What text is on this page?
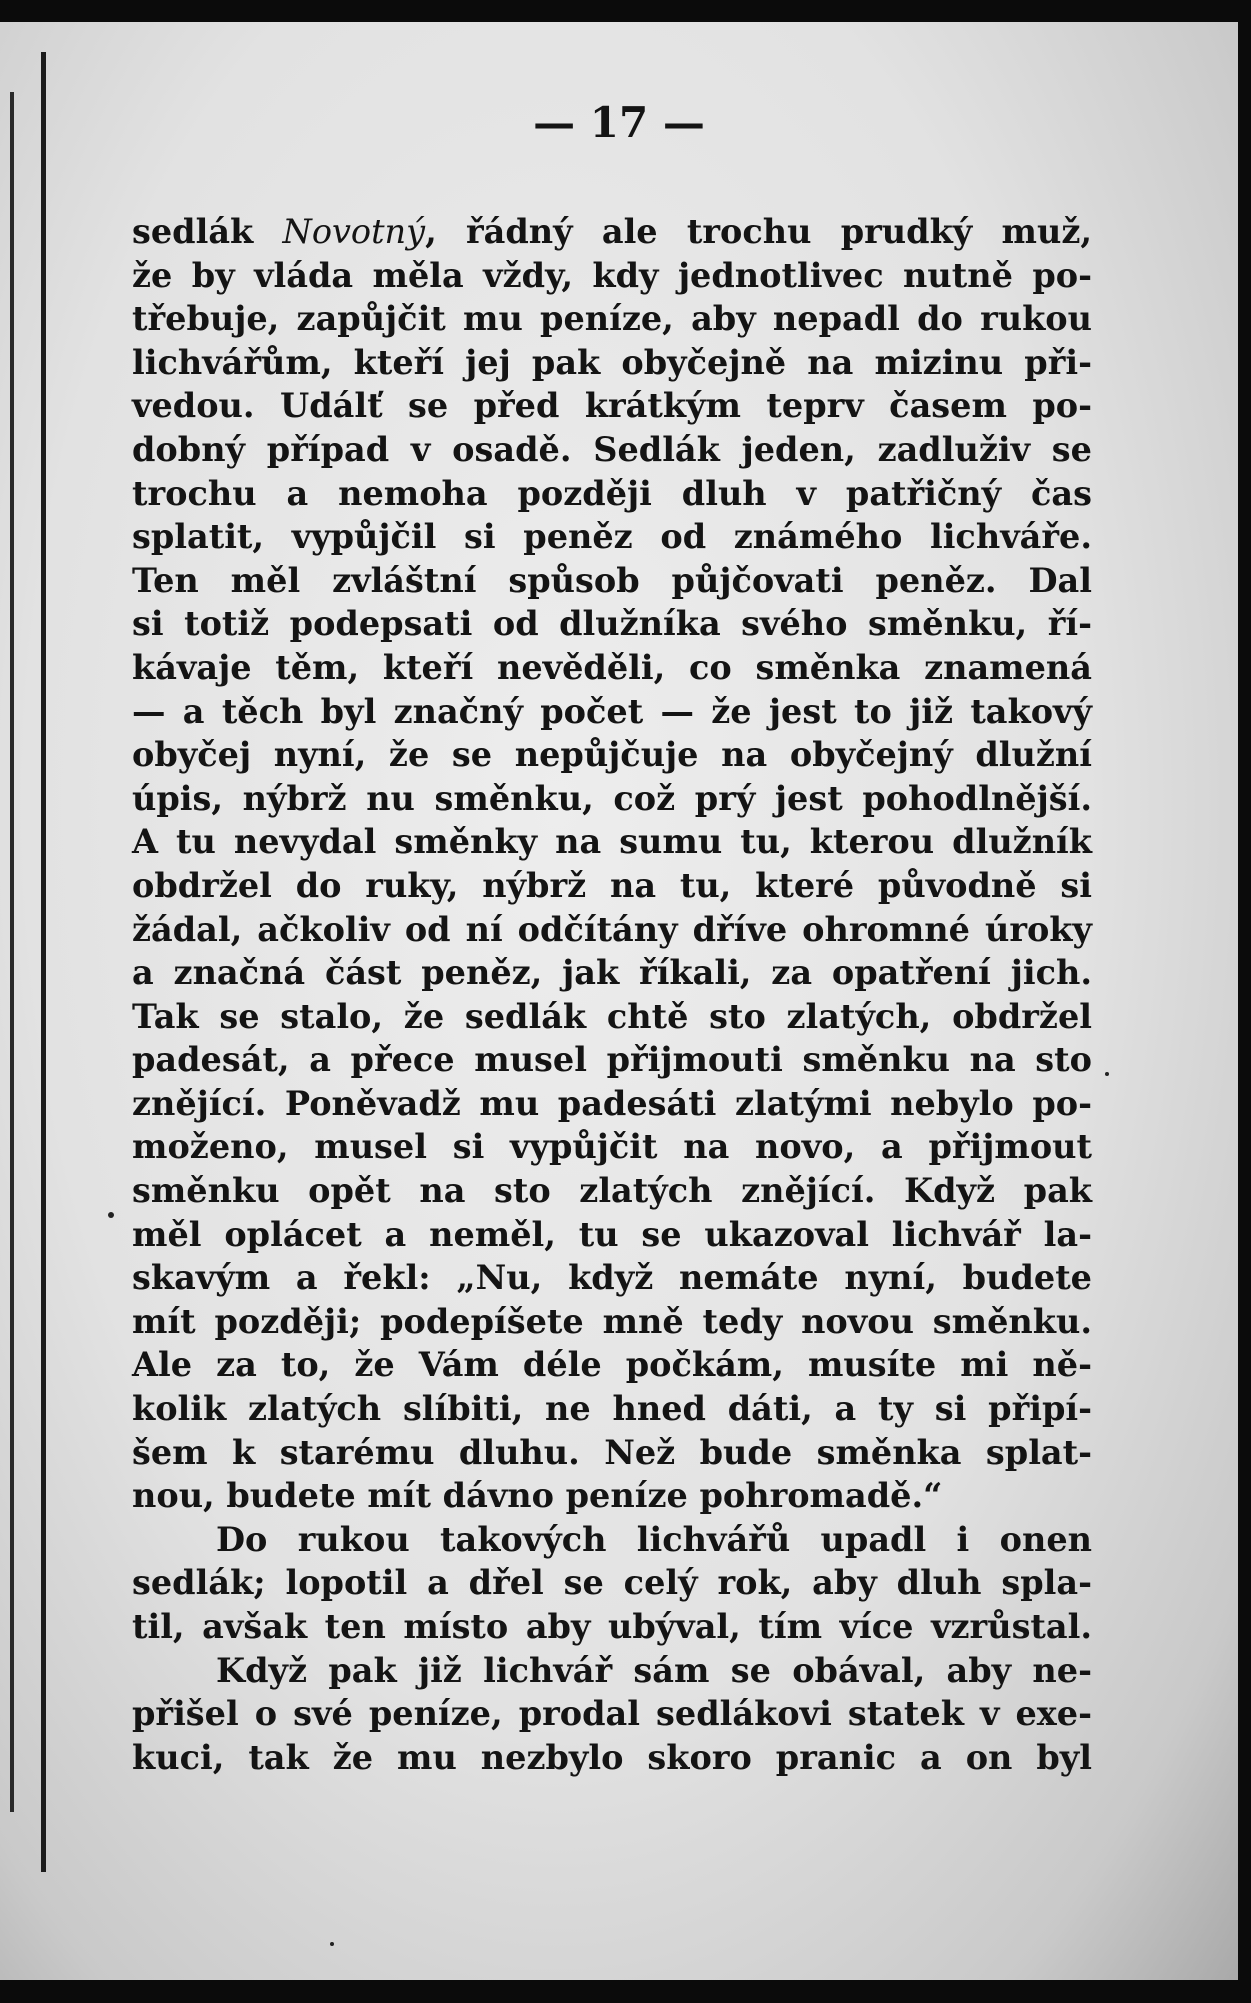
— 17 —
sedlák Novotný, řádný ale trochu prudký muž,
že by vláda měla vždy, kdy jednotlivec nutně po-
třebuje, zapůjčit mu peníze, aby nepadl do rukou
lichvářům, kteří jej pak obyčejně na mizinu při-
vedou. Událť se před krátkým teprv časem po-
dobný případ v osadě. Sedlák jeden, zadluživ se
trochu a nemoha později dluh v patřičný čas
splatit, vypůjčil si peněz od známého lichváře.
Ten měl zvláštní spůsob půjčovati peněz. Dal
si totiž podepsati od dlužníka svého směnku, ří-
kávaje těm, kteří nevěděli, co směnka znamená
— a těch byl značný počet — že jest to již takový
obyčej nyní, že se nepůjčuje na obyčejný dlužní
úpis, nýbrž nu směnku, což prý jest pohodlnější.
A tu nevydal směnky na sumu tu, kterou dlužník
obdržel do ruky, nýbrž na tu, které původně si
žádal, ačkoliv od ní odčítány dříve ohromné úroky
a značná část peněz, jak říkali, za opatření jich.
Tak se stalo, že sedlák chtě sto zlatých, obdržel
padesát, a přece musel přijmouti směnku na sto
znějící. Poněvadž mu padesáti zlatými nebylo po-
moženo, musel si vypůjčit na novo, a přijmout
směnku opět na sto zlatých znějící. Když pak
měl oplácet a neměl, tu se ukazoval lichvář la-
skavým a řekl: „Nu, když nemáte nyní, budete
mít později; podepíšete mně tedy novou směnku.
Ale za to, že Vám déle počkám, musíte mi ně-
kolik zlatých slíbiti, ne hned dáti, a ty si připí-
šem k starému dluhu. Než bude směnka splat-
nou, budete mít dávno peníze pohromadě.“
Do rukou takových lichvářů upadl i onen
sedlák; lopotil a dřel se celý rok, aby dluh spla-
til, avšak ten místo aby ubýval, tím více vzrůstal.
Když pak již lichvář sám se obával, aby ne-
přišel o své peníze, prodal sedlákovi statek v exe-
kuci, tak že mu nezbylo skoro pranic a on byl
